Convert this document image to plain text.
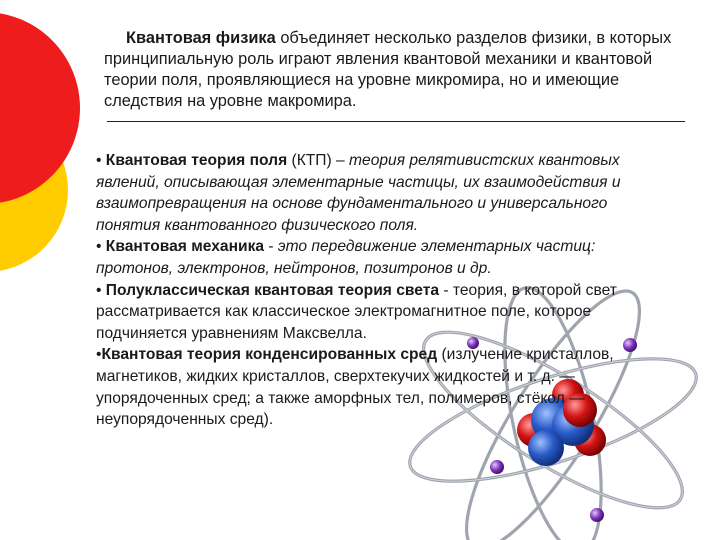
Квантовая физика объединяет несколько разделов физики, в которых принципиальную роль играют явления квантовой механики и квантовой теории поля, проявляющиеся на уровне микромира, но и имеющие следствия на уровне макромира.

• Квантовая теория поля (КТП) – теория релятивистских квантовых явлений, описывающая элементарные частицы, их взаимодействия и взаимопревращения на основе фундаментального и универсального понятия квантованного физического поля.

• Квантовая механика - это передвижение элементарных частиц: протонов, электронов, нейтронов, позитронов и др.

• Полуклассическая квантовая теория света - теория, в которой свет рассматривается как классическое электромагнитное поле, которое подчиняется уравнениям Максвелла.

•Квантовая теория конденсированных сред (излучение кристаллов, магнетиков, жидких кристаллов, сверхтекучих жидкостей и т. д. — упорядоченных сред; а также аморфных тел, полимеров, стёкол — неупорядоченных сред).
